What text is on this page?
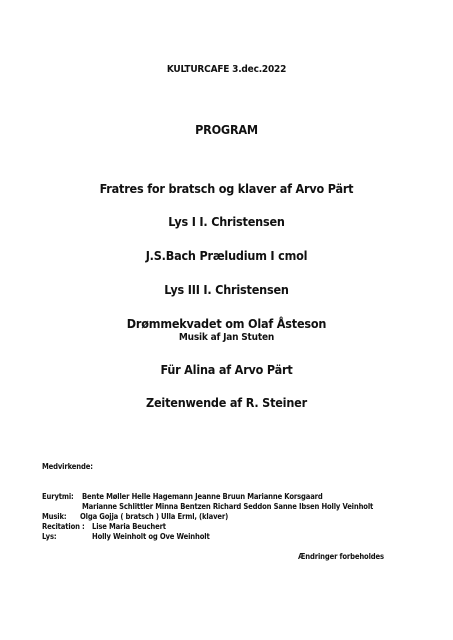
KULTURCAFE 3.dec.2022
PROGRAM
Fratres for bratsch og klaver af Arvo Pärt
Lys I I. Christensen
J.S.Bach Præludium I cmol
Lys III I. Christensen
Drømmekvadet om Olaf Åsteson
Musik af Jan Stuten
Für Alina af Arvo Pärt
Zeitenwende af R. Steiner
Medvirkende:
Eurytmi: Bente Møller Helle Hagemann Jeanne Bruun Marianne Korsgaard
Marianne Schlittler Minna Bentzen Richard Seddon Sanne Ibsen Holly Veinholt
Musik: Olga Gojja ( bratsch ) Ulla Erml, (klaver)
Recitation : Lise Maria Beuchert
Lys:	Holly Weinholt og Ove Weinholt
Ændringer forbeholdes
